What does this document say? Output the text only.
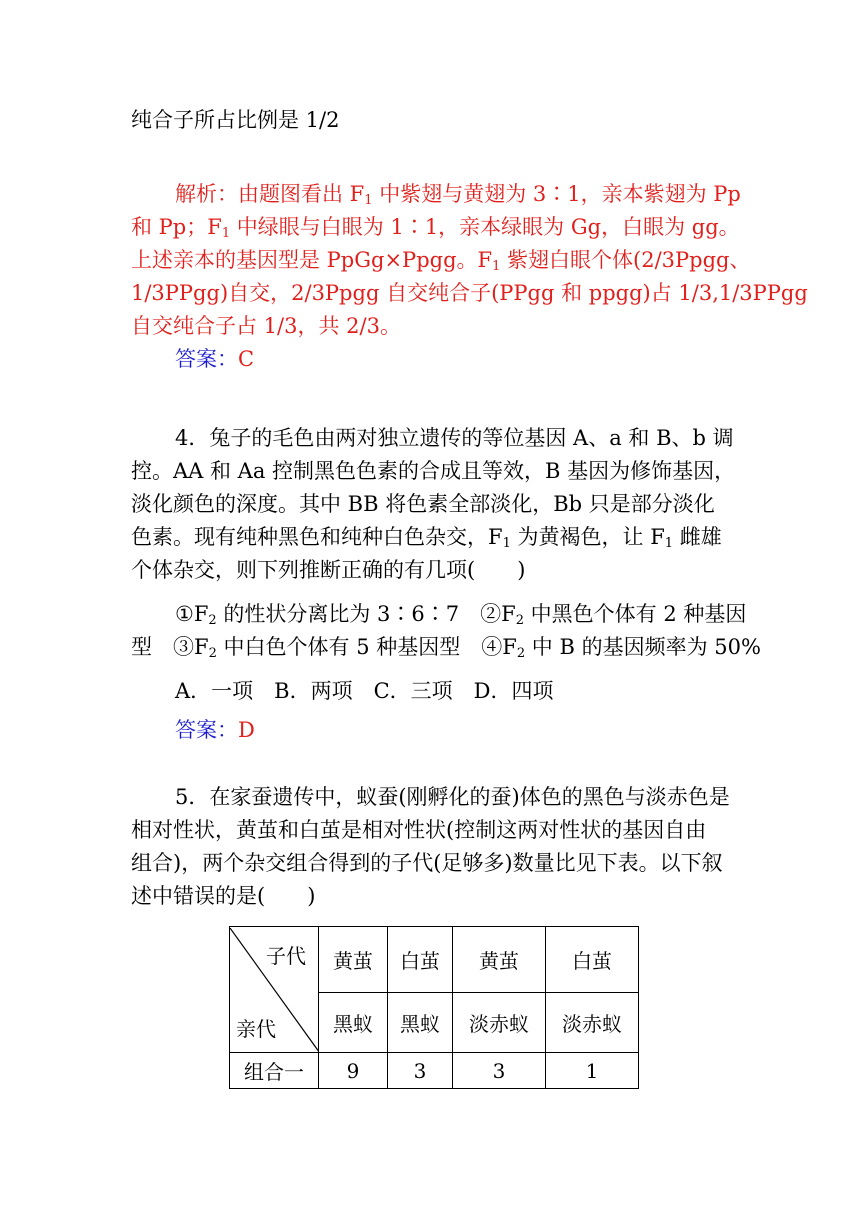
纯合子所占比例是 1/2
解析：由题图看出 $F_1$ 中紫翅与黄翅为 3∶1，亲本紫翅为 Pp
和 Pp；$F_1$ 中绿眼与白眼为 1∶1，亲本绿眼为 Gg，白眼为 gg。
上述亲本的基因型是 PpGg×Ppgg。$F_1$ 紫翅白眼个体(2/3Ppgg、
1/3PPgg)自交，2/3Ppgg 自交纯合子(PPgg 和 ppgg)占 1/3,1/3PPgg
自交纯合子占 1/3，共 2/3。
答案：C
4．兔子的毛色由两对独立遗传的等位基因 A、a 和 B、b 调
控。AA 和 Aa 控制黑色色素的合成且等效，B 基因为修饰基因，
淡化颜色的深度。其中 BB 将色素全部淡化，Bb 只是部分淡化
色素。现有纯种黑色和纯种白色杂交，$F_1$ 为黄褐色，让 $F_1$ 雌雄
个体杂交，则下列推断正确的有几项(　　)
$①F_2$ 的性状分离比为 3∶6∶7　$②F_2$ 中黑色个体有 2 种基因
型　$③F_2$ 中白色个体有 5 种基因型　$④F_2$ 中 B 的基因频率为 50%
A．一项　B．两项　C．三项　D．四项
答案：D
5．在家蚕遗传中，蚁蚕(刚孵化的蚕)体色的黑色与淡赤色是
相对性状，黄茧和白茧是相对性状(控制这两对性状的基因自由
组合)，两个杂交组合得到的子代(足够多)数量比见下表。以下叙
述中错误的是(　　)
子代
亲代	黄茧	白茧	黄茧	白茧
	黑蚁	黑蚁	淡赤蚁	淡赤蚁
组合一	9	3	3	1
